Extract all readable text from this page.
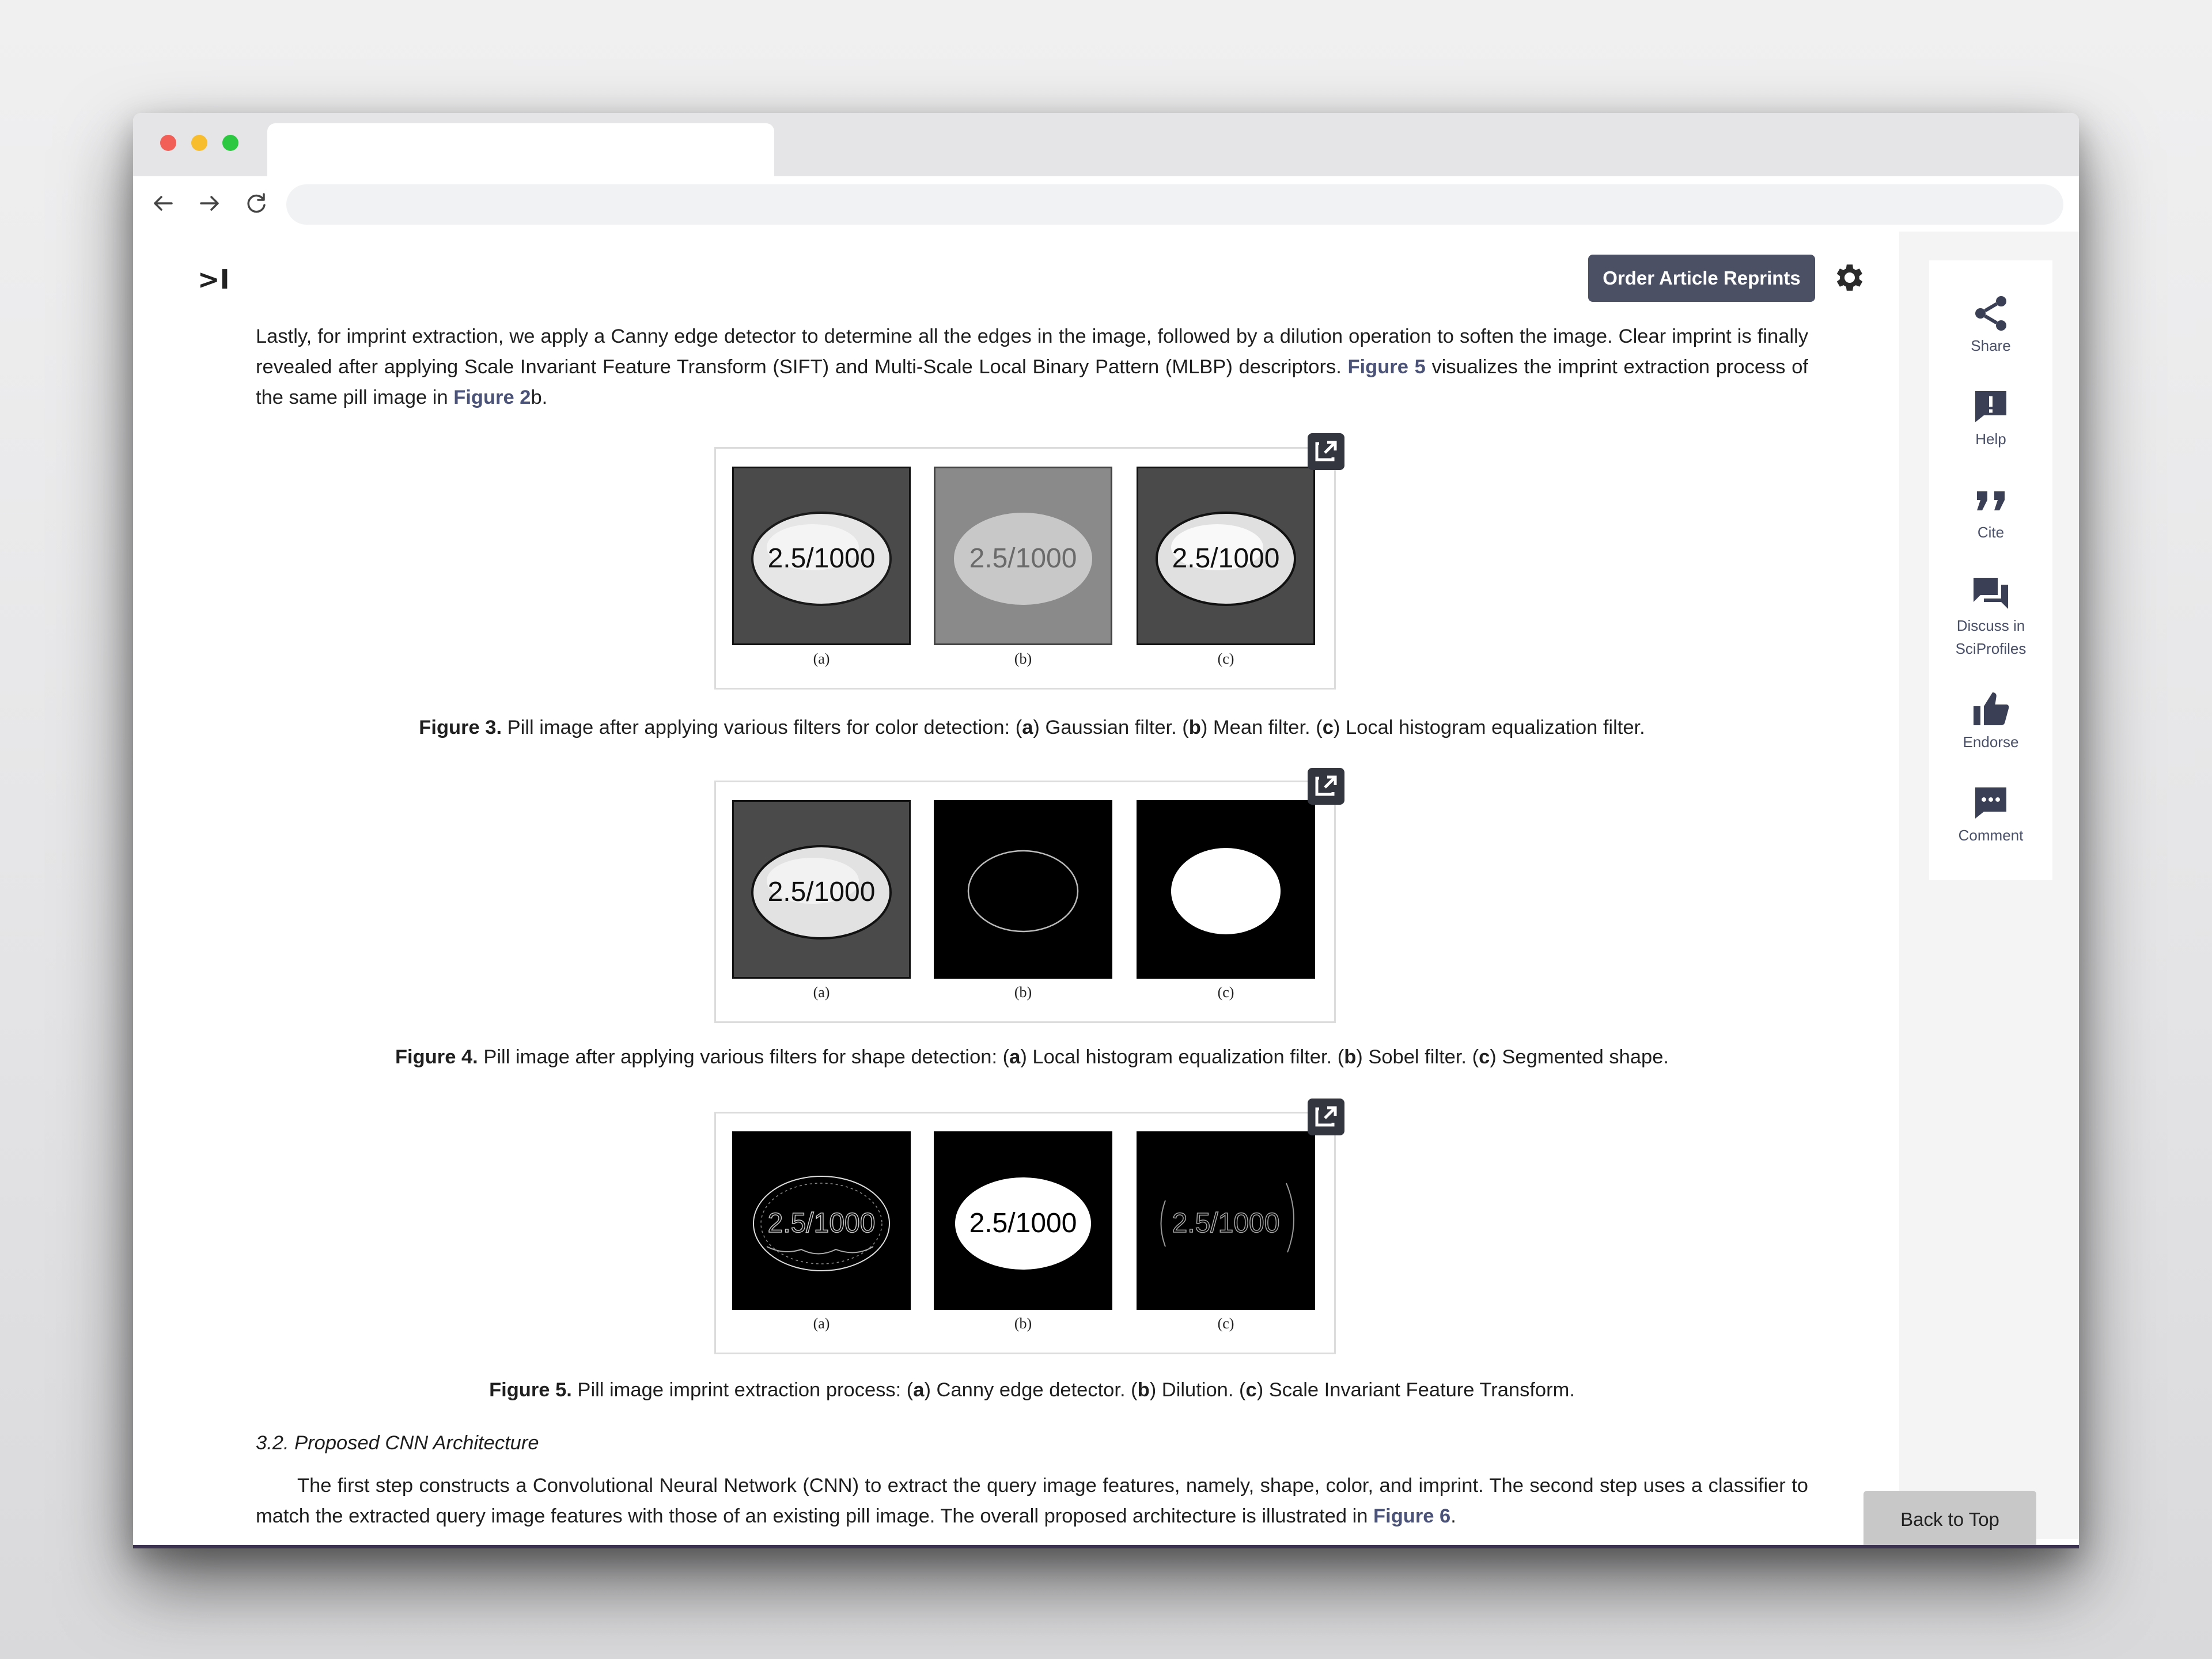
>I	Order Article Reprints
Lastly, for imprint extraction, we apply a Canny edge detector to determine all the edges in the image, followed by a dilution operation to soften the image. Clear imprint is finally revealed after applying Scale Invariant Feature Transform (SIFT) and Multi-Scale Local Binary Pattern (MLBP) descriptors. Figure 5 visualizes the imprint extraction process of the same pill image in Figure 2b.
2.5/1000	2.5/1000	2.5/1000
(a)	(b)	(c)
Figure 3. Pill image after applying various filters for color detection: (a) Gaussian filter. (b) Mean filter. (c) Local histogram equalization filter.
2.5/1000
(a)	(b)	(c)
Figure 4. Pill image after applying various filters for shape detection: (a) Local histogram equalization filter. (b) Sobel filter. (c) Segmented shape.
2.5/1000	2.5/1000	2.5/1000
(a)	(b)	(c)
Figure 5. Pill image imprint extraction process: (a) Canny edge detector. (b) Dilution. (c) Scale Invariant Feature Transform.
3.2. Proposed CNN Architecture
The first step constructs a Convolutional Neural Network (CNN) to extract the query image features, namely, shape, color, and imprint. The second step uses a classifier to match the extracted query image features with those of an existing pill image. The overall proposed architecture is illustrated in Figure 6.
Share
Help
Cite
Discuss in SciProfiles
Endorse
Comment
Back to Top
